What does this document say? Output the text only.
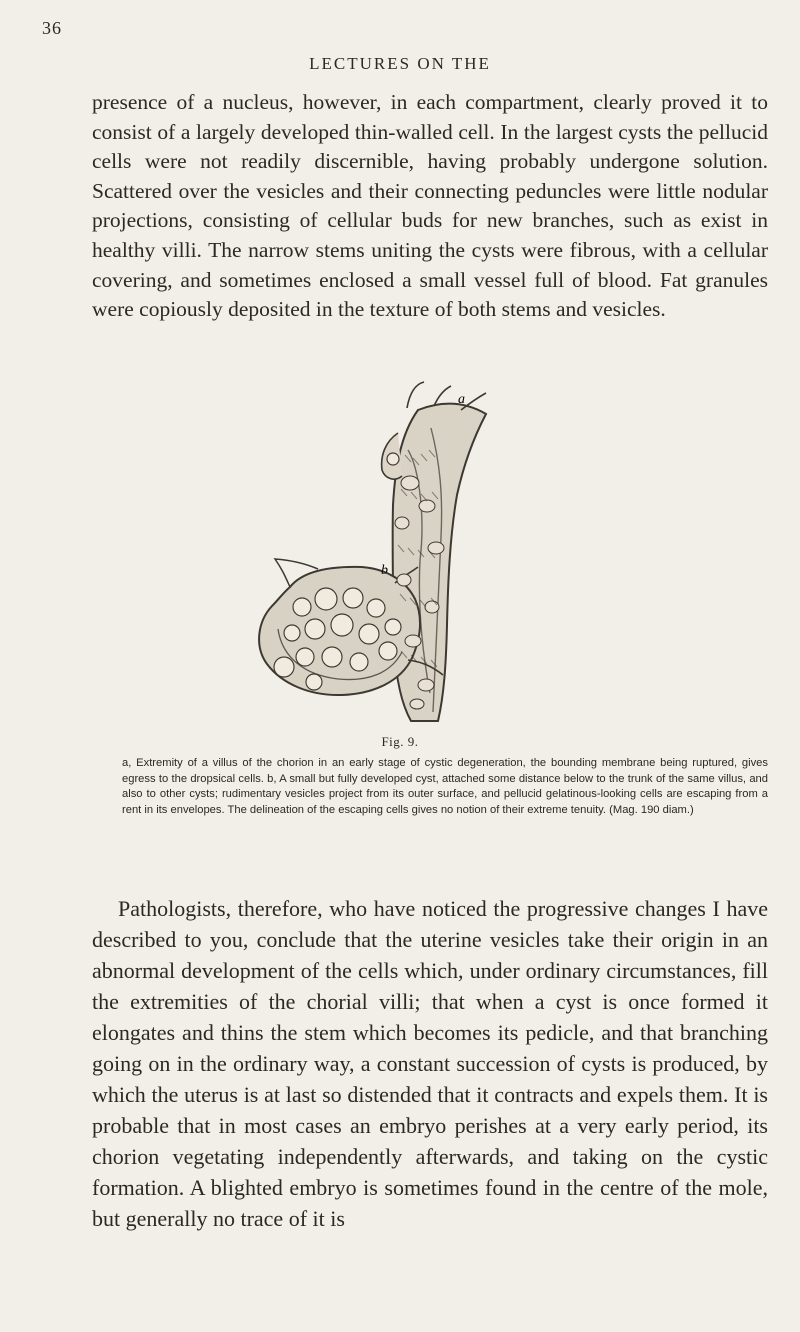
36
LECTURES ON THE
presence of a nucleus, however, in each compartment, clearly proved it to consist of a largely developed thin-walled cell. In the largest cysts the pellucid cells were not readily discernible, having probably undergone solution. Scattered over the vesicles and their connecting peduncles were little nodular projections, consisting of cellular buds for new branches, such as exist in healthy villi. The narrow stems uniting the cysts were fibrous, with a cellular covering, and sometimes enclosed a small vessel full of blood. Fat granules were copiously deposited in the texture of both stems and vesicles.
a
b
Fig. 9.
a, Extremity of a villus of the chorion in an early stage of cystic degeneration, the bounding membrane being ruptured, gives egress to the dropsical cells. b, A small but fully developed cyst, attached some distance below to the trunk of the same villus, and also to other cysts; rudimentary vesicles project from its outer surface, and pellucid gelatinous-looking cells are escaping from a rent in its envelopes. The delineation of the escaping cells gives no notion of their extreme tenuity. (Mag. 190 diam.)
Pathologists, therefore, who have noticed the progressive changes I have described to you, conclude that the uterine vesicles take their origin in an abnormal development of the cells which, under ordinary circumstances, fill the extremities of the chorial villi; that when a cyst is once formed it elongates and thins the stem which becomes its pedicle, and that branching going on in the ordinary way, a constant succession of cysts is produced, by which the uterus is at last so distended that it contracts and expels them. It is probable that in most cases an embryo perishes at a very early period, its chorion vegetating independently afterwards, and taking on the cystic formation. A blighted embryo is sometimes found in the centre of the mole, but generally no trace of it is
